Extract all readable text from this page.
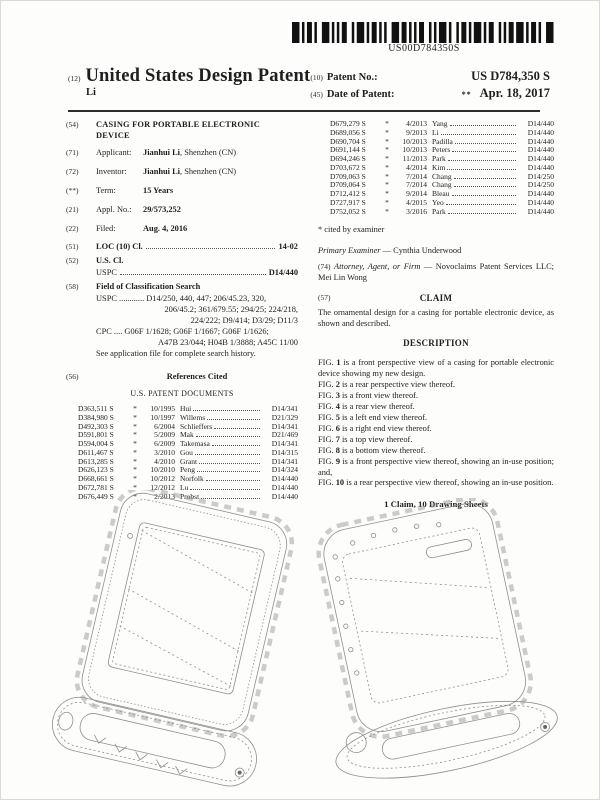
US00D784350S
(12) United States Design Patent
Li
(10) Patent No.:	US D784,350 S
(45) Date of Patent:	** Apr. 18, 2017
(54)	CASING FOR PORTABLE ELECTRONIC DEVICE
(71)	Applicant: Jianhui Li, Shenzhen (CN)
(72)	Inventor: Jianhui Li, Shenzhen (CN)
(**)	Term:	15 Years
(21)	Appl. No.: 29/573,252
(22)	Filed:	Aug. 4, 2016
(51)	LOC (10) Cl.	14-02
(52)	U.S. Cl.
USPC	D14/440
(58)	Field of Classification Search
USPC ............ D14/250, 440, 447; 206/45.23, 320,
206/45.2; 361/679.55; 294/25; 224/218,
224/222; D9/414; D3/29; D11/3
CPC .... G06F 1/1628; G06F 1/1667; G06F 1/1626;
A47B 23/044; H04B 1/3888; A45C 11/00
See application file for complete search history.
(56)	References Cited
U.S. PATENT DOCUMENTS
D363,511 S	*	10/1995 Hui	D14/341
D384,980 S	*	10/1997 Willems	D21/329
D492,303 S	*	6/2004 Schlieffers	D14/341
D591,801 S	*	5/2009 Mak	D21/469
D594,004 S	*	6/2009 Takemasa	D14/341
D611,467 S	*	3/2010 Gou	D14/315
D613,285 S	*	4/2010 Grant	D14/341
D626,123 S	*	10/2010 Peng	D14/324
D668,661 S	*	10/2012 Norfolk	D14/440
D672,781 S	*	12/2012 Lu	D14/440
D676,449 S	*	2/2013 Probst	D14/440
D679,279 S	*	4/2013 Yang	D14/440
D689,056 S	*	9/2013 Li	D14/440
D690,704 S	*	10/2013 Padilla	D14/440
D691,144 S	*	10/2013 Peters	D14/440
D694,246 S	*	11/2013 Park	D14/440
D703,672 S	*	4/2014 Kim	D14/440
D709,063 S	*	7/2014 Chang	D14/250
D709,064 S	*	7/2014 Chang	D14/250
D712,412 S	*	9/2014 Bleau	D14/440
D727,917 S	*	4/2015 Yeo	D14/440
D752,052 S	*	3/2016 Park	D14/440
* cited by examiner
Primary Examiner — Cynthia Underwood
(74) Attorney, Agent, or Firm — Novoclaims Patent Services LLC; Mei Lin Wong
(57)	CLAIM
The ornamental design for a casing for portable electronic device, as shown and described.
DESCRIPTION
FIG. 1 is a front perspective view of a casing for portable electronic device showing my new design.
FIG. 2 is a rear perspective view thereof.
FIG. 3 is a front view thereof.
FIG. 4 is a rear view thereof.
FIG. 5 is a left end view thereof.
FIG. 6 is a right end view thereof.
FIG. 7 is a top view thereof.
FIG. 8 is a bottom view thereof.
FIG. 9 is a front perspective view thereof, showing an in-use position; and,
FIG. 10 is a rear perspective view thereof, showing an in-use position.
1 Claim, 10 Drawing Sheets
